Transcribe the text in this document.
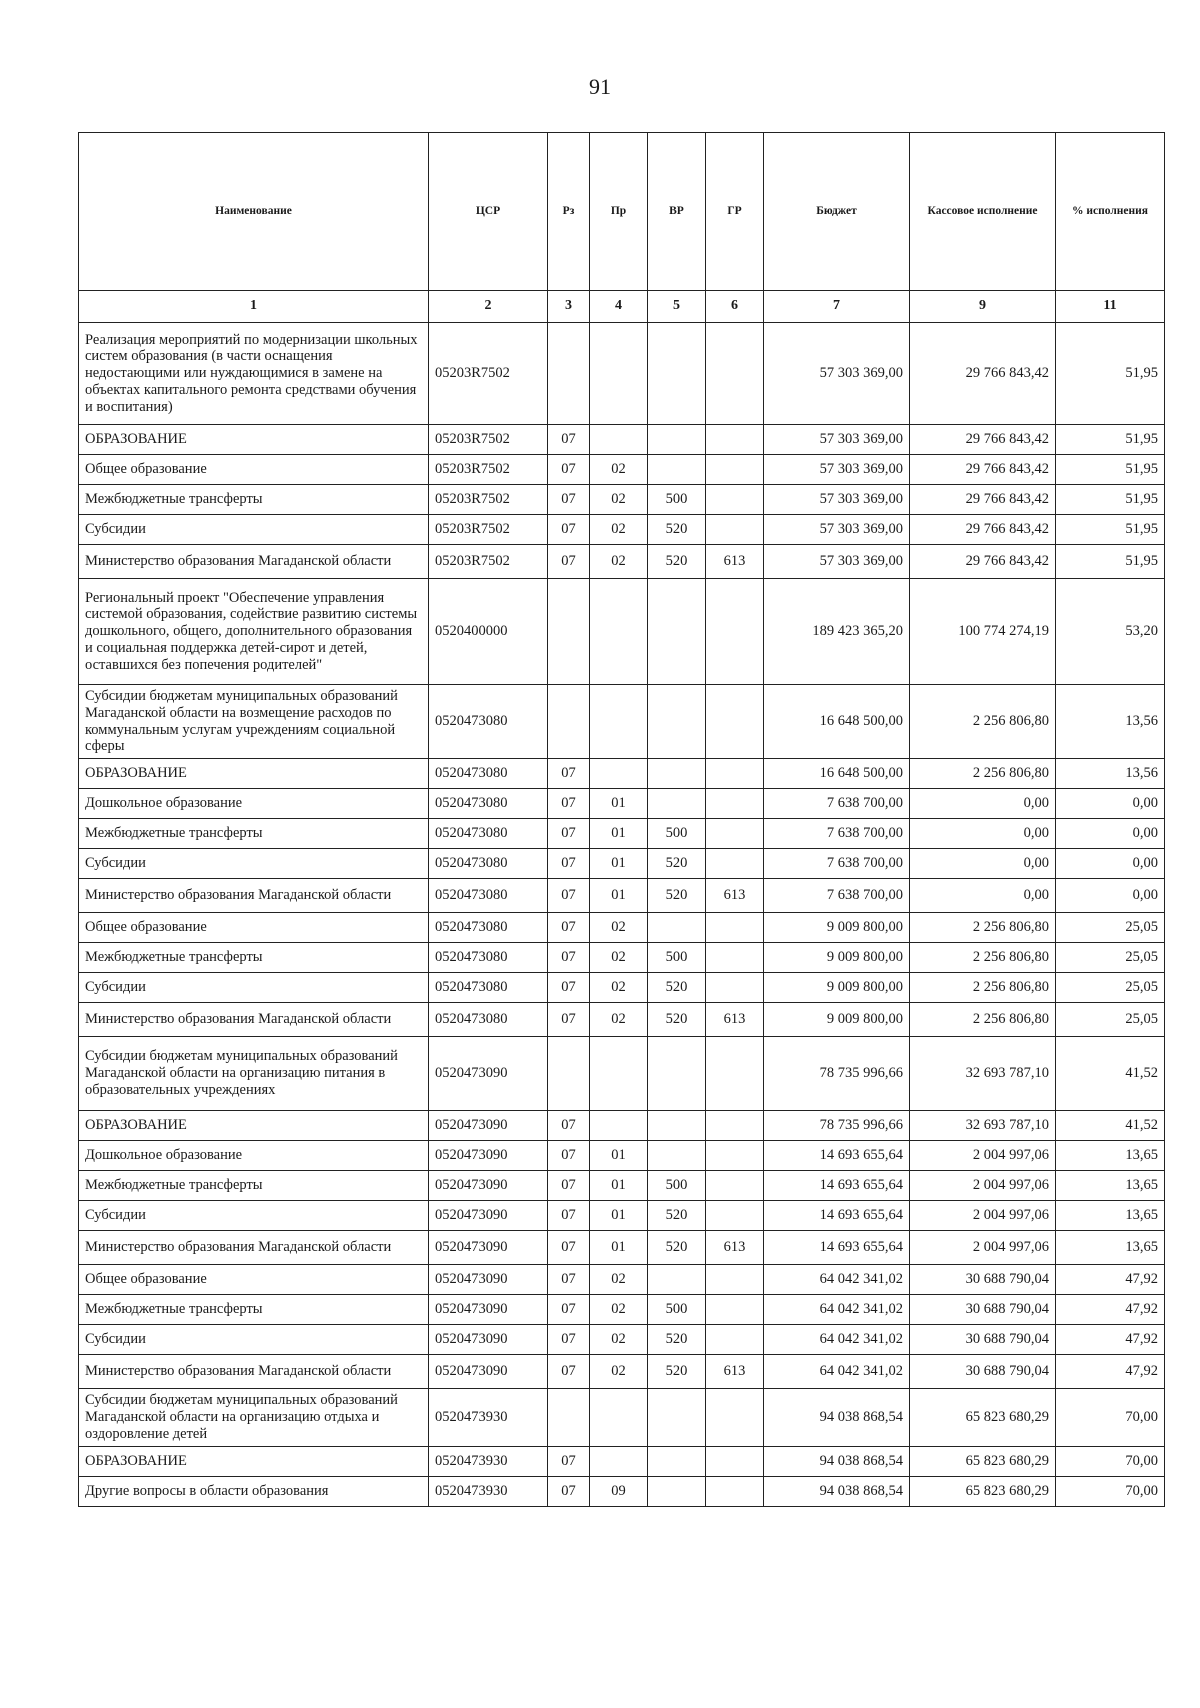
91
Наименование	ЦСР	Рз	Пр	ВР	ГР	Бюджет	Кассовое исполнение	% исполнения
1	2	3	4	5	6	7	9	11
Реализация мероприятий по модернизации школьных систем образования (в части оснащения недостающими или нуждающимися в замене на объектах капитального ремонта средствами обучения и воспитания)	05203R7502					57 303 369,00	29 766 843,42	51,95
ОБРАЗОВАНИЕ	05203R7502	07				57 303 369,00	29 766 843,42	51,95
Общее образование	05203R7502	07	02			57 303 369,00	29 766 843,42	51,95
Межбюджетные трансферты	05203R7502	07	02	500		57 303 369,00	29 766 843,42	51,95
Субсидии	05203R7502	07	02	520		57 303 369,00	29 766 843,42	51,95
Министерство образования Магаданской области	05203R7502	07	02	520	613	57 303 369,00	29 766 843,42	51,95
Региональный проект "Обеспечение управления системой образования, содействие развитию системы дошкольного, общего, дополнительного образования и социальная поддержка детей-сирот и детей, оставшихся без попечения родителей"	0520400000					189 423 365,20	100 774 274,19	53,20
Субсидии бюджетам муниципальных образований Магаданской области на возмещение расходов по коммунальным услугам учреждениям социальной сферы	0520473080					16 648 500,00	2 256 806,80	13,56
ОБРАЗОВАНИЕ	0520473080	07				16 648 500,00	2 256 806,80	13,56
Дошкольное образование	0520473080	07	01			7 638 700,00	0,00	0,00
Межбюджетные трансферты	0520473080	07	01	500		7 638 700,00	0,00	0,00
Субсидии	0520473080	07	01	520		7 638 700,00	0,00	0,00
Министерство образования Магаданской области	0520473080	07	01	520	613	7 638 700,00	0,00	0,00
Общее образование	0520473080	07	02			9 009 800,00	2 256 806,80	25,05
Межбюджетные трансферты	0520473080	07	02	500		9 009 800,00	2 256 806,80	25,05
Субсидии	0520473080	07	02	520		9 009 800,00	2 256 806,80	25,05
Министерство образования Магаданской области	0520473080	07	02	520	613	9 009 800,00	2 256 806,80	25,05
Субсидии бюджетам муниципальных образований Магаданской области на организацию питания в образовательных учреждениях	0520473090					78 735 996,66	32 693 787,10	41,52
ОБРАЗОВАНИЕ	0520473090	07				78 735 996,66	32 693 787,10	41,52
Дошкольное образование	0520473090	07	01			14 693 655,64	2 004 997,06	13,65
Межбюджетные трансферты	0520473090	07	01	500		14 693 655,64	2 004 997,06	13,65
Субсидии	0520473090	07	01	520		14 693 655,64	2 004 997,06	13,65
Министерство образования Магаданской области	0520473090	07	01	520	613	14 693 655,64	2 004 997,06	13,65
Общее образование	0520473090	07	02			64 042 341,02	30 688 790,04	47,92
Межбюджетные трансферты	0520473090	07	02	500		64 042 341,02	30 688 790,04	47,92
Субсидии	0520473090	07	02	520		64 042 341,02	30 688 790,04	47,92
Министерство образования Магаданской области	0520473090	07	02	520	613	64 042 341,02	30 688 790,04	47,92
Субсидии бюджетам муниципальных образований Магаданской области на организацию отдыха и оздоровление детей	0520473930					94 038 868,54	65 823 680,29	70,00
ОБРАЗОВАНИЕ	0520473930	07				94 038 868,54	65 823 680,29	70,00
Другие вопросы в области образования	0520473930	07	09			94 038 868,54	65 823 680,29	70,00
